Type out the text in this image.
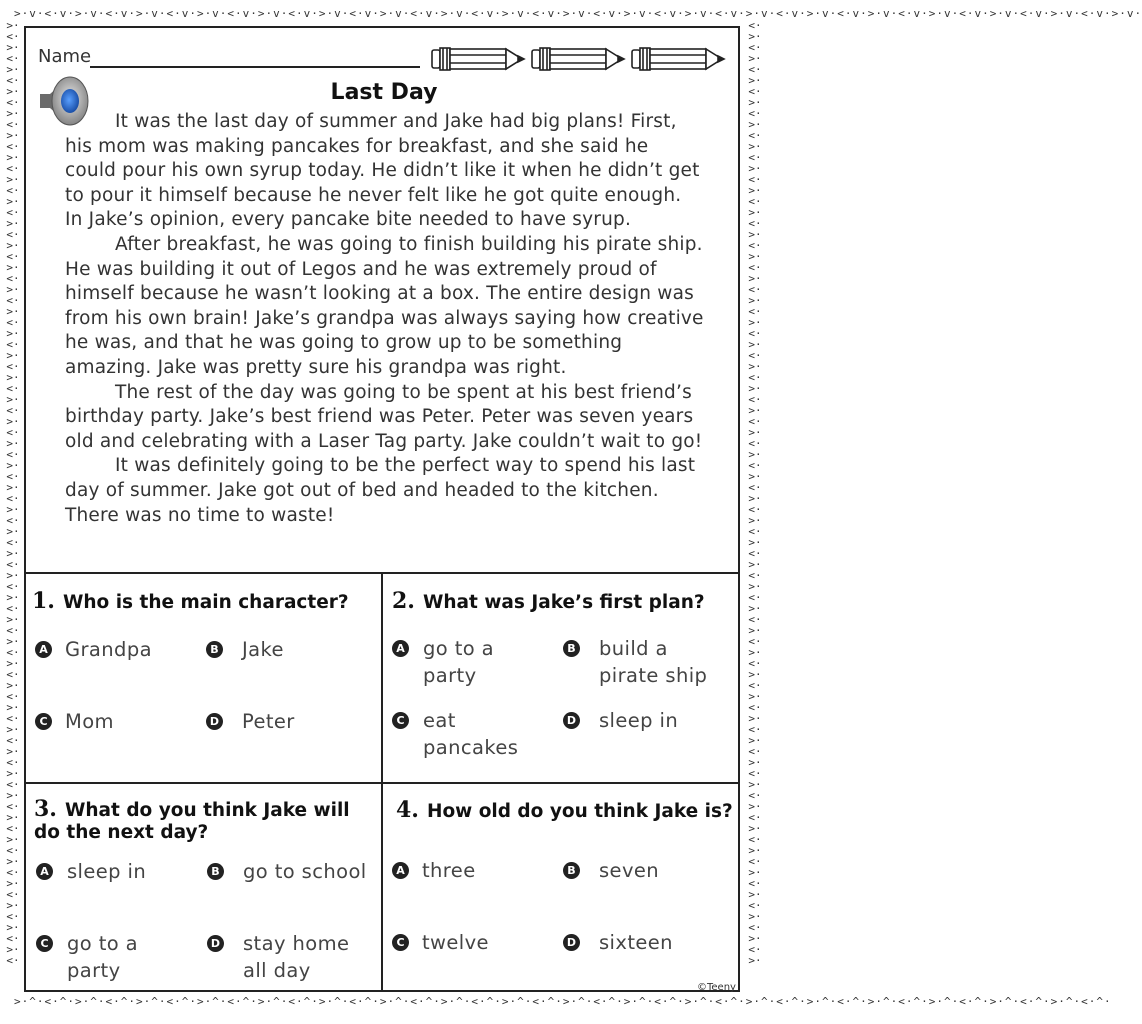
>·v·<·v·>·v·<·v·>·v·<·v·>·v·<·v·>·v·<·v·>·v·<·v·>·v·<·v·>·v·<·v·>·v·<·v·>·v·<·v·>·v·<·v·>·v·<·v·>·v·<·v·>·v·<·v·>·v·<·v·>·v·<·v·>·v·<·v·>·v·<·v·>·v·
>·^·<·^·>·^·<·^·>·^·<·^·>·^·<·^·>·^·<·^·>·^·<·^·>·^·<·^·>·^·<·^·>·^·<·^·>·^·<·^·>·^·<·^·>·^·<·^·>·^·<·^·>·^·<·^·>·^·<·^·>·^·<·^·>·^·<·^·>·^·<·^·
>·<·>·<·>·<·>·<·>·<·>·<·>·<·>·<·>·<·>·<·>·<·>·<·>·<·>·<·>·<·>·<·>·<·>·<·>·<·>·<·>·<·>·<·>·<·>·<·>·<·>·<·>·<·>·<·>·<·>·<·>·<·>·<·>·<·>·<·>·<·>·<·>·<·>·<·>·<·>·<·>·<·>·<·>·<·
<·>·<·>·<·>·<·>·<·>·<·>·<·>·<·>·<·>·<·>·<·>·<·>·<·>·<·>·<·>·<·>·<·>·<·>·<·>·<·>·<·>·<·>·<·>·<·>·<·>·<·>·<·>·<·>·<·>·<·>·<·>·<·>·<·>·<·>·<·>·<·>·<·>·<·>·<·>·<·>·<·>·<·>·<·>·
Name
Last Day

It was the last day of summer and Jake had big plans! First, his mom was making pancakes for breakfast, and she said he could pour his own syrup today. He didn’t like it when he didn’t get to pour it himself because he never felt like he got quite enough. In Jake’s opinion, every pancake bite needed to have syrup.

After breakfast, he was going to finish building his pirate ship. He was building it out of Legos and he was extremely proud of himself because he wasn’t looking at a box. The entire design was from his own brain! Jake’s grandpa was always saying how creative he was, and that he was going to grow up to be something amazing. Jake was pretty sure his grandpa was right.

The rest of the day was going to be spent at his best friend’s birthday party. Jake’s best friend was Peter. Peter was seven years old and celebrating with a Laser Tag party. Jake couldn’t wait to go!

It was definitely going to be the perfect way to spend his last day of summer. Jake got out of bed and headed to the kitchen. There was no time to waste!

1. Who is the main character?
A Grandpa	B Jake
C Mom	D Peter
2. What was Jake’s first plan?
A go to a party
B build a pirate ship
C eat pancakes
D sleep in
3. What do you think Jake will do the next day?
A sleep in	B go to school
C go to a party
D stay home all day
4. How old do you think Jake is?
A three	B seven
C twelve	D sixteen
©Teeny
